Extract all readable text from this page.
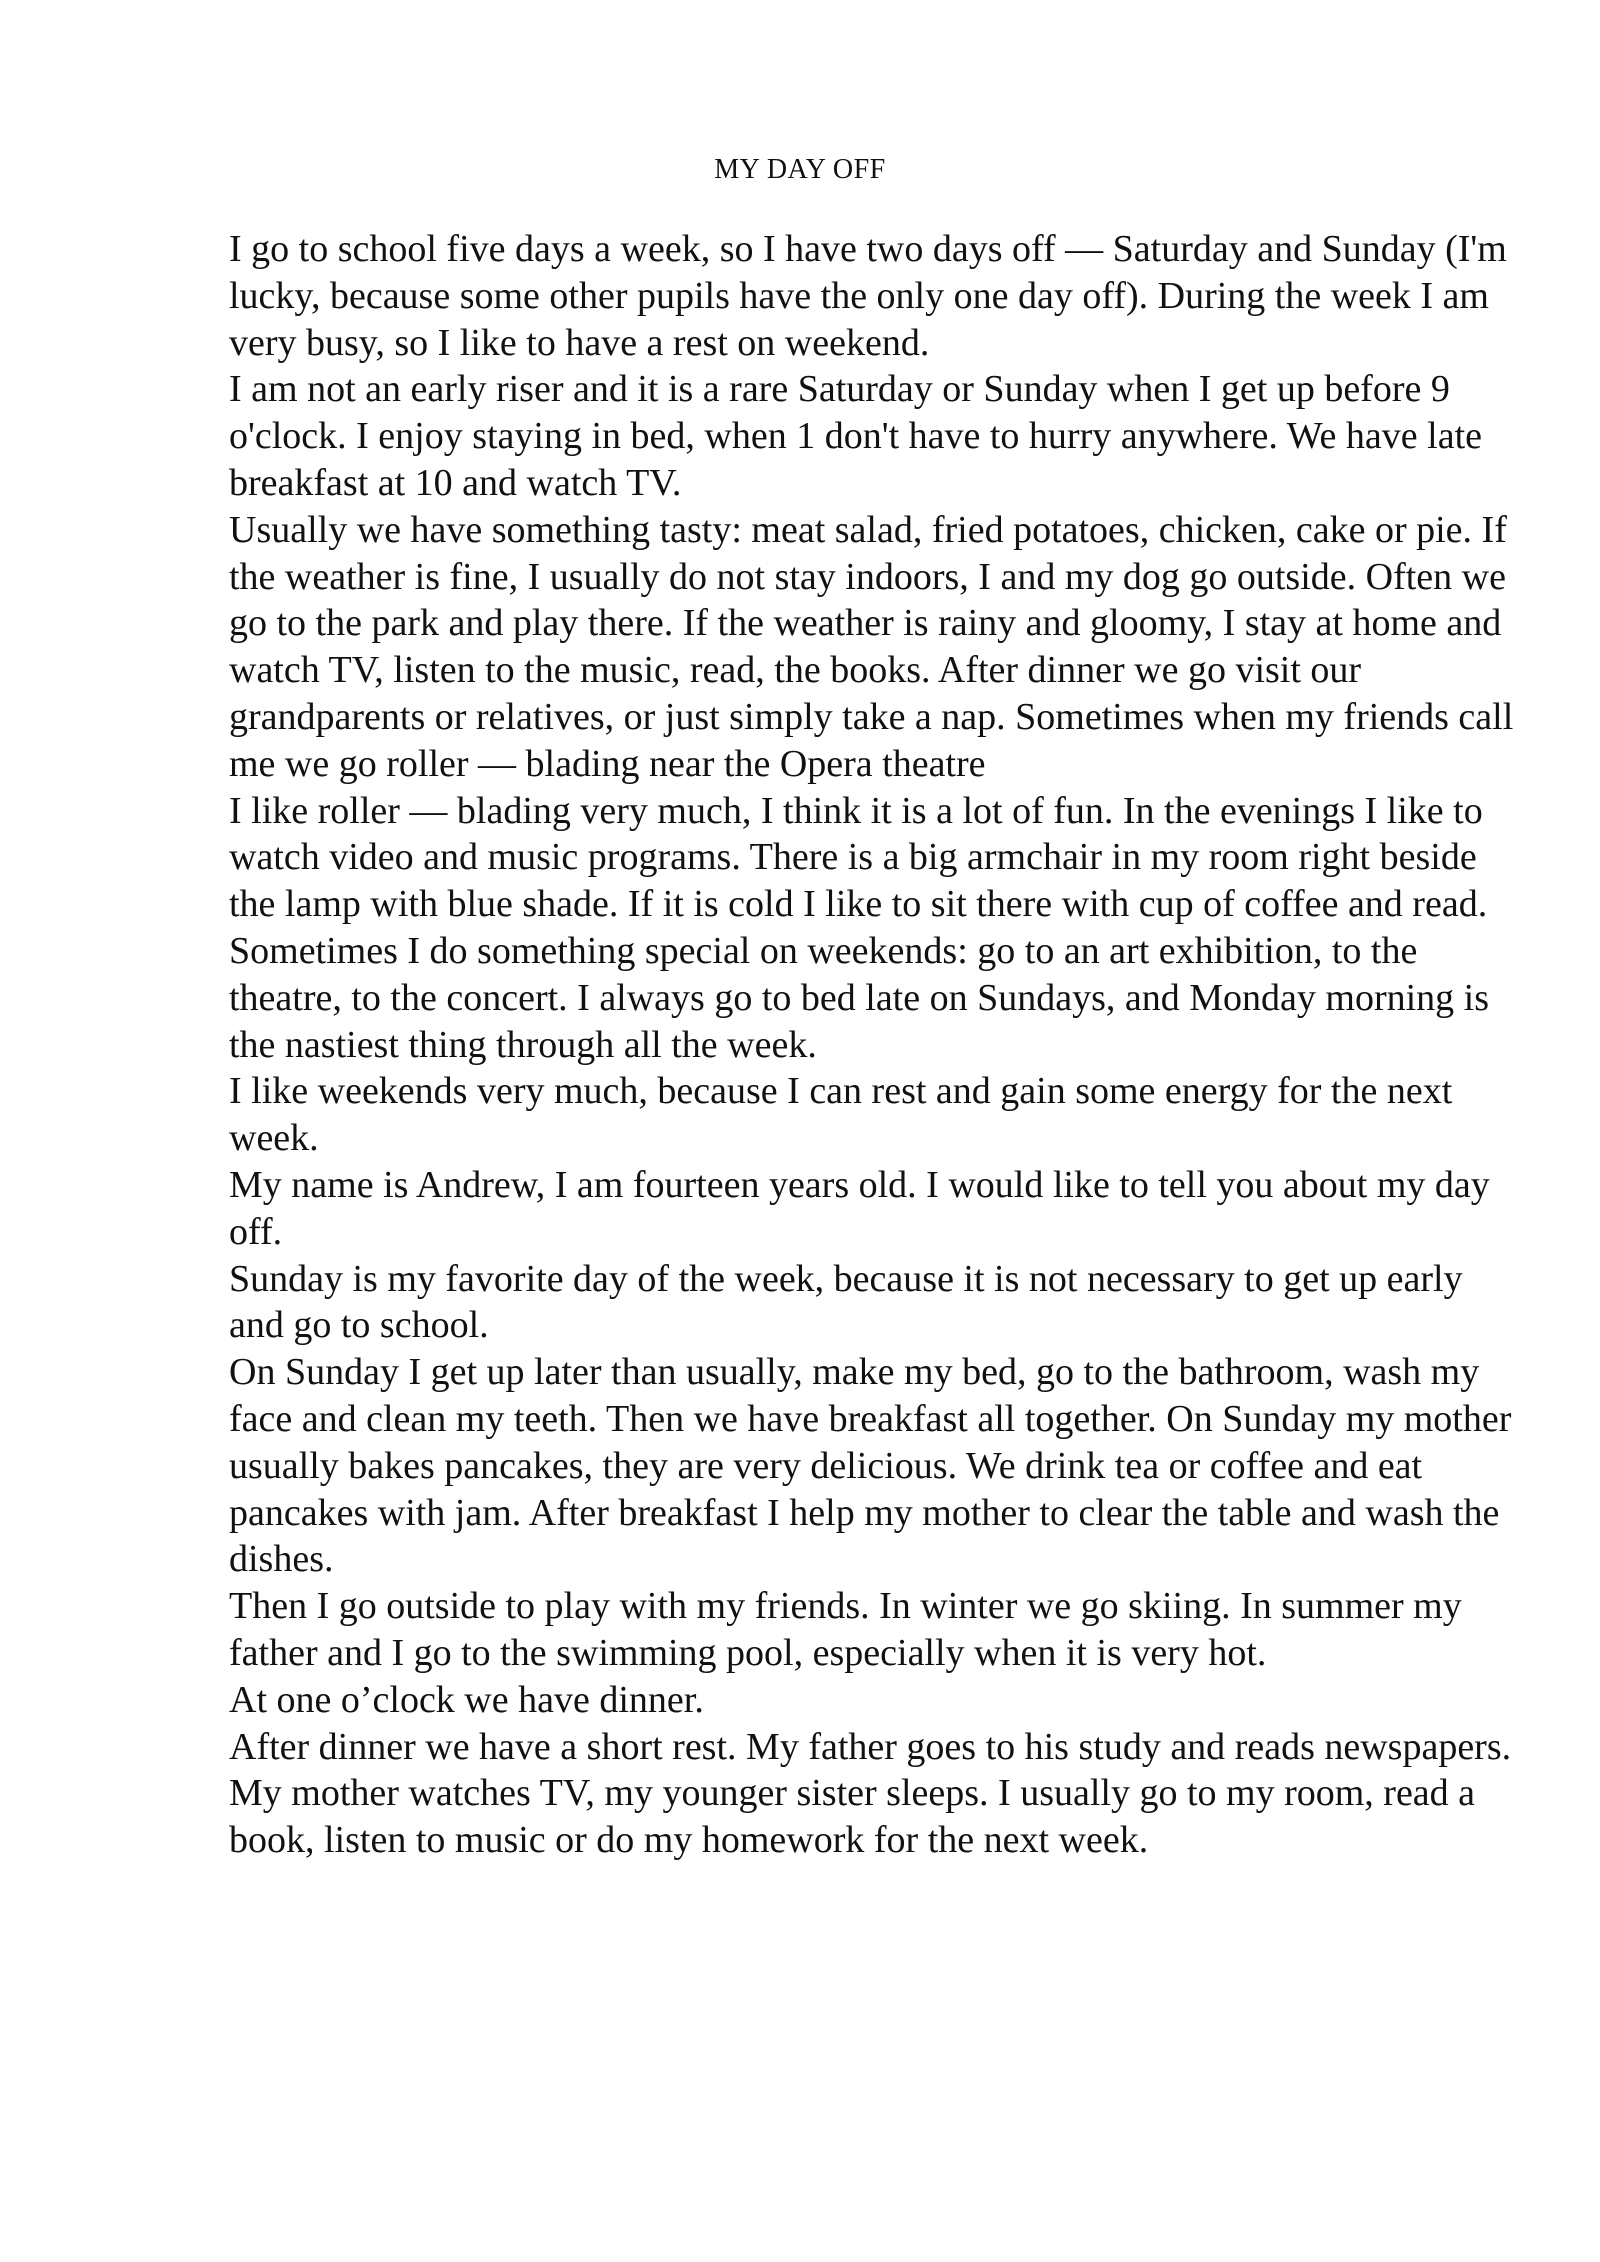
MY DAY OFF

I go to school five days a week, so I have two days off — Saturday and Sunday (I'm lucky, because some other pupils have the only one day off). During the week I am very busy, so I like to have a rest on weekend.

I am not an early riser and it is a rare Saturday or Sunday when I get up before 9 o'clock. I enjoy staying in bed, when 1 don't have to hurry anywhere. We have late breakfast at 10 and watch TV.

Usually we have something tasty: meat salad, fried potatoes, chicken, cake or pie. If the weather is fine, I usually do not stay indoors, I and my dog go outside. Often we go to the park and play there. If the weather is rainy and gloomy, I stay at home and watch TV, listen to the music, read, the books. After dinner we go visit our grandparents or relatives, or just simply take a nap. Sometimes when my friends call me we go roller — blading near the Opera theatre

I like roller — blading very much, I think it is a lot of fun. In the evenings I like to watch video and music programs. There is a big armchair in my room right beside the lamp with blue shade. If it is cold I like to sit there with cup of coffee and read.

Sometimes I do something special on weekends: go to an art exhibition, to the theatre, to the concert. I always go to bed late on Sundays, and Monday morning is the nastiest thing through all the week.

I like weekends very much, because I can rest and gain some energy for the next week.

My name is Andrew, I am fourteen years old. I would like to tell you about my day off.

Sunday is my favorite day of the week, because it is not necessary to get up early and go to school.

On Sunday I get up later than usually, make my bed, go to the bathroom, wash my face and clean my teeth. Then we have breakfast all together. On Sunday my mother usually bakes pancakes, they are very delicious. We drink tea or coffee and eat pancakes with jam. After breakfast I help my mother to clear the table and wash the dishes.

Then I go outside to play with my friends. In winter we go skiing. In summer my father and I go to the swimming pool, especially when it is very hot.

At one o’clock we have dinner.

After dinner we have a short rest. My father goes to his study and reads newspapers. My mother watches TV, my younger sister sleeps. I usually go to my room, read a book, listen to music or do my homework for the next week.
